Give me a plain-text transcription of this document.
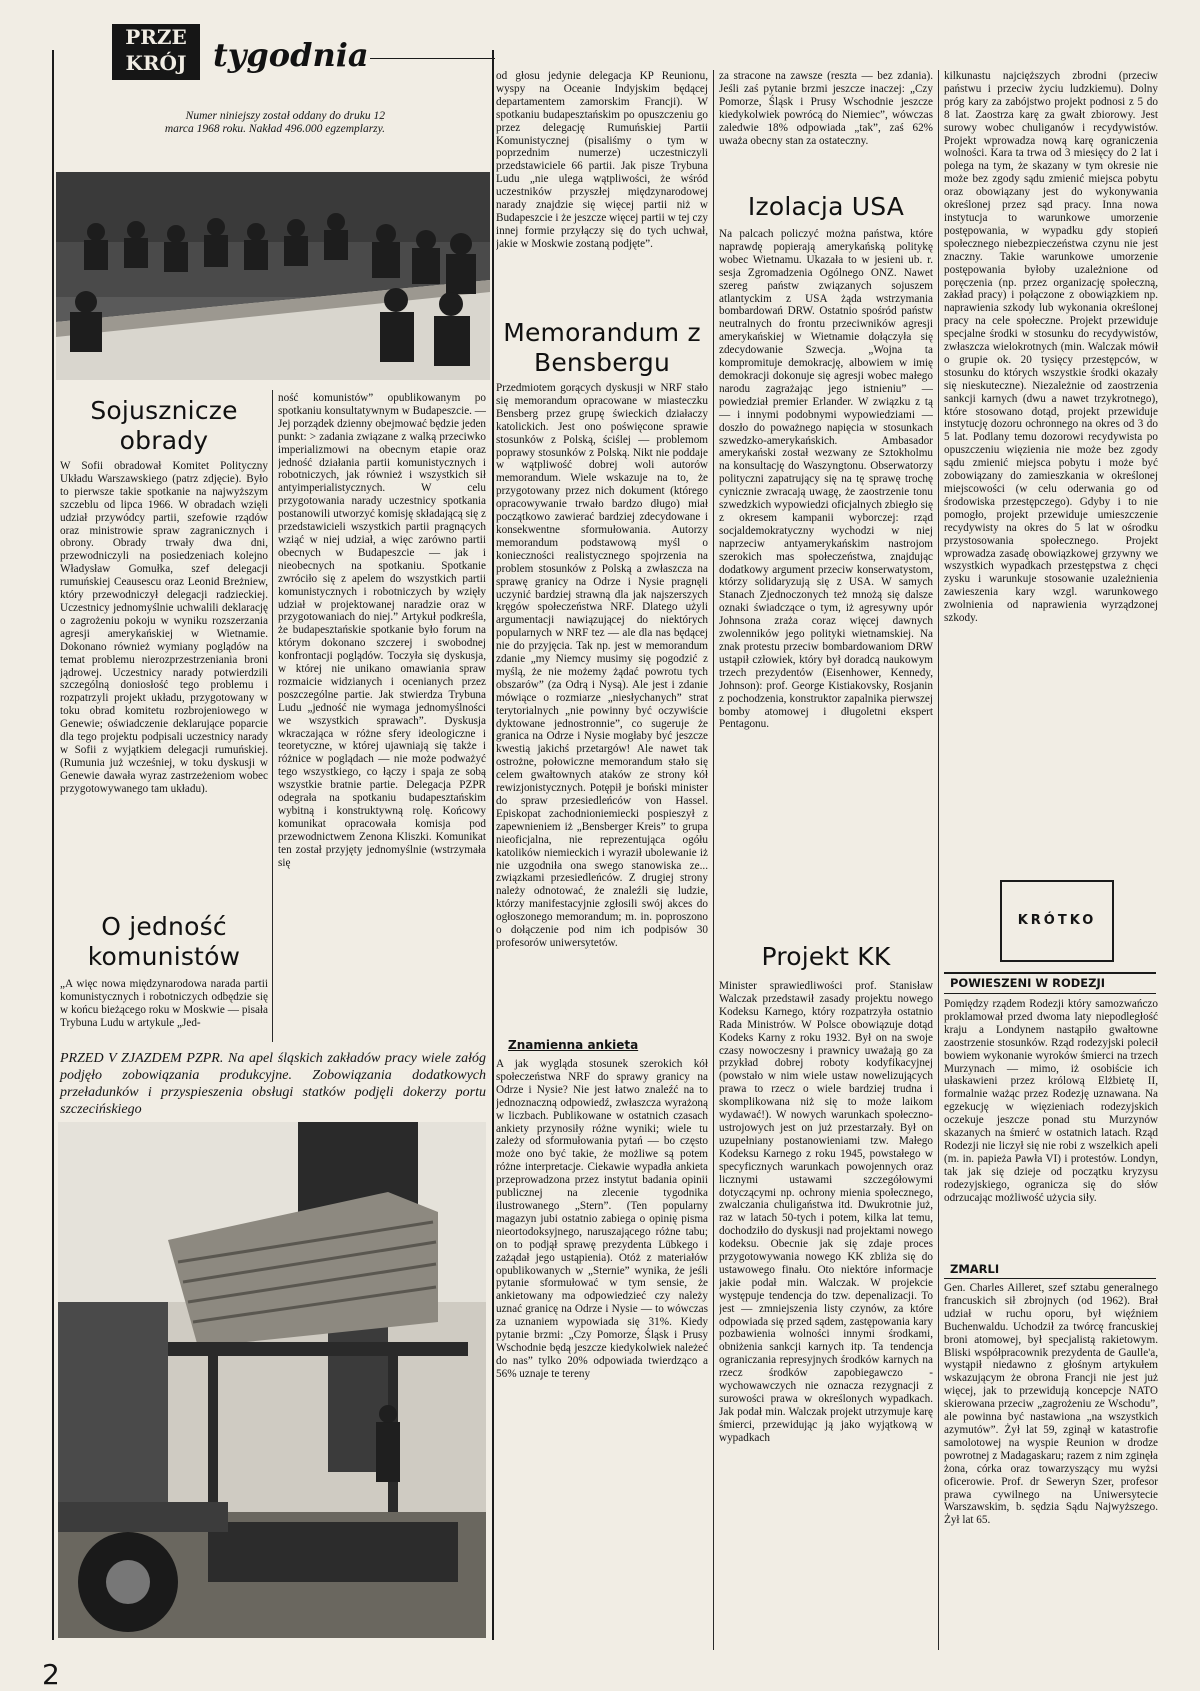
PRZE
KRÓJ tygodnia
Numer niniejszy został oddany do druku 12 marca 1968 roku. Nakład 496.000 egzemplarzy.
Sojusznicze obrady
W Sofii obradował Komitet Polityczny Układu Warszawskiego (patrz zdjęcie). Było to pierwsze takie spotkanie na najwyższym szczeblu od lipca 1966. W obradach wzięli udział przywódcy partii, szefowie rządów oraz ministrowie spraw zagranicznych i obrony. Obrady trwały dwa dni, przewodniczyli na posiedzeniach kolejno Władysław Gomułka, szef delegacji rumuńskiej Ceausescu oraz Leonid Breżniew, który przewodniczył delegacji radzieckiej. Uczestnicy jednomyślnie uchwalili deklarację o zagrożeniu pokoju w wyniku rozszerzania agresji amerykańskiej w Wietnamie. Dokonano również wymiany poglądów na temat problemu nierozprzestrzeniania broni jądrowej. Uczestnicy narady potwierdzili szczególną doniosłość tego problemu i rozpatrzyli projekt układu, przygotowany w toku obrad komitetu rozbrojeniowego w Genewie; oświadczenie deklarujące poparcie dla tego projektu podpisali uczestnicy narady w Sofii z wyjątkiem delegacji rumuńskiej. (Rumunia już wcześniej, w toku dyskusji w Genewie dawała wyraz zastrzeżeniom wobec przygotowywanego tam układu).
O jedność komunistów
„A więc nowa międzynarodowa narada partii komunistycznych i robotniczych odbędzie się w końcu bieżącego roku w Moskwie — pisała Trybuna Ludu w artykule „Jed-
ność komunistów” opublikowanym po spotkaniu konsultatywnym w Budapeszcie. — Jej porządek dzienny obejmować będzie jeden punkt: > zadania związane z walką przeciwko imperializmowi na obecnym etapie oraz jedność działania partii komunistycznych i robotniczych, jak również i wszystkich sił antyimperialistycznych. W celu przygotowania narady uczestnicy spotkania postanowili utworzyć komisję składającą się z przedstawicieli wszystkich partii pragnących wziąć w niej udział, a więc zarówno partii obecnych w Budapeszcie — jak i nieobecnych na spotkaniu. Spotkanie zwróciło się z apelem do wszystkich partii komunistycznych i robotniczych by wzięły udział w projektowanej naradzie oraz w przygotowaniach do niej.” Artykuł podkreśla, że budapesztańskie spotkanie było forum na którym dokonano szczerej i swobodnej konfrontacji poglądów. Toczyła się dyskusja, w której nie unikano omawiania spraw rozmaicie widzianych i ocenianych przez poszczególne partie. Jak stwierdza Trybuna Ludu „jedność nie wymaga jednomyślności we wszystkich sprawach”. Dyskusja wkraczająca w różne sfery ideologiczne i teoretyczne, w której ujawniają się także i różnice w poglądach — nie może podważyć tego wszystkiego, co łączy i spaja ze sobą wszystkie bratnie partie. Delegacja PZPR odegrała na spotkaniu budapesztańskim wybitną i konstruktywną rolę. Końcowy komunikat opracowała komisja pod przewodnictwem Zenona Kliszki. Komunikat ten został przyjęty jednomyślnie (wstrzymała się
PRZED V ZJAZDEM PZPR. Na apel śląskich zakładów pracy wiele załóg podjęło zobowiązania produkcyjne. Zobowiązania dodatkowych przeładunków i przyspieszenia obsługi statków podjęli dokerzy portu szczecińskiego
od głosu jedynie delegacja KP Reunionu, wyspy na Oceanie Indyjskim będącej departamentem zamorskim Francji). W spotkaniu budapesztańskim po opuszczeniu go przez delegację Rumuńskiej Partii Komunistycznej (pisaliśmy o tym w poprzednim numerze) uczestniczyli przedstawiciele 66 partii. Jak pisze Trybuna Ludu „nie ulega wątpliwości, że wśród uczestników przyszłej międzynarodowej narady znajdzie się więcej partii niż w Budapeszcie i że jeszcze więcej partii w tej czy innej formie przyłączy się do tych uchwał, jakie w Moskwie zostaną podjęte”.
Memorandum z Bensbergu
Przedmiotem gorących dyskusji w NRF stało się memorandum opracowane w miasteczku Bensberg przez grupę świeckich działaczy katolickich. Jest ono poświęcone sprawie stosunków z Polską, ściślej — problemom poprawy stosunków z Polską. Nikt nie poddaje w wątpliwość dobrej woli autorów memorandum. Wiele wskazuje na to, że przygotowany przez nich dokument (którego opracowywanie trwało bardzo długo) miał początkowo zawierać bardziej zdecydowane i konsekwentne sformułowania. Autorzy memorandum podstawową myśl o konieczności realistycznego spojrzenia na problem stosunków z Polską a zwłaszcza na sprawę granicy na Odrze i Nysie pragnęli uczynić bardziej strawną dla jak najszerszych kręgów społeczeństwa NRF. Dlatego użyli argumentacji nawiązującej do niektórych popularnych w NRF tez — ale dla nas będącej nie do przyjęcia. Tak np. jest w memorandum zdanie „my Niemcy musimy się pogodzić z myślą, że nie możemy żądać powrotu tych obszarów” (za Odrą i Nysą). Ale jest i zdanie mówiące o rozmiarze „niesłychanych” strat terytorialnych „nie powinny być oczywiście dyktowane jednostronnie”, co sugeruje że granica na Odrze i Nysie mogłaby być jeszcze kwestią jakichś przetargów! Ale nawet tak ostrożne, połowiczne memorandum stało się celem gwałtownych ataków ze strony kół rewizjonistycznych. Potępił je boński minister do spraw przesiedleńców von Hassel. Episkopat zachodnioniemiecki pospieszył z zapewnieniem iż „Bensberger Kreis” to grupa nieoficjalna, nie reprezentująca ogółu katolików niemieckich i wyraził ubolewanie iż nie uzgodniła ona swego stanowiska ze... związkami przesiedleńców. Z drugiej strony należy odnotować, że znaleźli się ludzie, którzy manifestacyjnie zgłosili swój akces do ogłoszonego memorandum; m. in. poproszono o dołączenie pod nim ich podpisów 30 profesorów uniwersytetów.
Znamienna ankieta
A jak wygląda stosunek szerokich kół społeczeństwa NRF do sprawy granicy na Odrze i Nysie? Nie jest łatwo znaleźć na to jednoznaczną odpowiedź, zwłaszcza wyrażoną w liczbach. Publikowane w ostatnich czasach ankiety przynosiły różne wyniki; wiele tu zależy od sformułowania pytań — bo często może ono być takie, że możliwe są potem różne interpretacje. Ciekawie wypadła ankieta przeprowadzona przez instytut badania opinii publicznej na zlecenie tygodnika ilustrowanego „Stern”. (Ten popularny magazyn jubi ostatnio zabiega o opinię pisma nieortodoksyjnego, naruszającego różne tabu; on to podjął sprawę prezydenta Lübkego i zażądał jego ustąpienia). Otóż z materiałów opublikowanych w „Sternie” wynika, że jeśli pytanie sformułować w tym sensie, że ankietowany ma odpowiedzieć czy należy uznać granicę na Odrze i Nysie — to wówczas za uznaniem wypowiada się 31%. Kiedy pytanie brzmi: „Czy Pomorze, Śląsk i Prusy Wschodnie będą jeszcze kiedykolwiek należeć do nas” tylko 20% odpowiada twierdząco a 56% uznaje te tereny
za stracone na zawsze (reszta — bez zdania). Jeśli zaś pytanie brzmi jeszcze inaczej: „Czy Pomorze, Śląsk i Prusy Wschodnie jeszcze kiedykolwiek powrócą do Niemiec”, wówczas zaledwie 18% odpowiada „tak”, zaś 62% uważa obecny stan za ostateczny.
Izolacja USA
Na palcach policzyć można państwa, które naprawdę popierają amerykańską politykę wobec Wietnamu. Ukazała to w jesieni ub. r. sesja Zgromadzenia Ogólnego ONZ. Nawet szereg państw związanych sojuszem atlantyckim z USA żąda wstrzymania bombardowań DRW. Ostatnio spośród państw neutralnych do frontu przeciwników agresji amerykańskiej w Wietnamie dołączyła się zdecydowanie Szwecja. „Wojna ta kompromituje demokrację, albowiem w imię demokracji dokonuje się agresji wobec małego narodu zagrażając jego istnieniu” — powiedział premier Erlander. W związku z tą — i innymi podobnymi wypowiedziami — doszło do poważnego napięcia w stosunkach szwedzko-amerykańskich. Ambasador amerykański został wezwany ze Sztokholmu na konsultację do Waszyngtonu. Obserwatorzy polityczni zapatrujący się na tę sprawę trochę cynicznie zwracają uwagę, że zaostrzenie tonu szwedzkich wypowiedzi oficjalnych zbiegło się z okresem kampanii wyborczej: rząd socjaldemokratyczny wychodzi w niej naprzeciw antyamerykańskim nastrojom szerokich mas społeczeństwa, znajdując dodatkowy argument przeciw konserwatystom, którzy solidaryzują się z USA. W samych Stanach Zjednoczonych też mnożą się dalsze oznaki świadczące o tym, iż agresywny upór Johnsona zraża coraz więcej dawnych zwolenników jego polityki wietnamskiej. Na znak protestu przeciw bombardowaniom DRW ustąpił człowiek, który był doradcą naukowym trzech prezydentów (Eisenhower, Kennedy, Johnson): prof. George Kistiakovsky, Rosjanin z pochodzenia, konstruktor zapalnika pierwszej bomby atomowej i długoletni ekspert Pentagonu.
Projekt KK
Minister sprawiedliwości prof. Stanisław Walczak przedstawił zasady projektu nowego Kodeksu Karnego, który rozpatrzyła ostatnio Rada Ministrów. W Polsce obowiązuje dotąd Kodeks Karny z roku 1932. Był on na swoje czasy nowoczesny i prawnicy uważają go za przykład dobrej roboty kodyfikacyjnej (powstało w nim wiele ustaw nowelizujących prawa to rzecz o wiele bardziej trudna i skomplikowana niż się to może laikom wydawać!). W nowych warunkach społeczno-ustrojowych jest on już przestarzały. Był on uzupełniany postanowieniami tzw. Małego Kodeksu Karnego z roku 1945, powstałego w specyficznych warunkach powojennych oraz licznymi ustawami szczegółowymi dotyczącymi np. ochrony mienia społecznego, zwalczania chuligaństwa itd. Dwukrotnie już, raz w latach 50-tych i potem, kilka lat temu, dochodziło do dyskusji nad projektami nowego kodeksu. Obecnie jak się zdaje proces przygotowywania nowego KK zbliża się do ustawowego finału. Oto niektóre informacje jakie podał min. Walczak. W projekcie występuje tendencja do tzw. depenalizacji. To jest — zmniejszenia listy czynów, za które odpowiada się przed sądem, zastępowania kary pozbawienia wolności innymi środkami, obniżenia sankcji karnych itp. Ta tendencja ograniczania represyjnych środków karnych na rzecz środków zapobiegawczo - wychowawczych nie oznacza rezygnacji z surowości prawa w określonych wypadkach. Jak podał min. Walczak projekt utrzymuje karę śmierci, przewidując ją jako wyjątkową w wypadkach
kilkunastu najcięższych zbrodni (przeciw państwu i przeciw życiu ludzkiemu). Dolny próg kary za zabójstwo projekt podnosi z 5 do 8 lat. Zaostrza karę za gwałt zbiorowy. Jest surowy wobec chuliganów i recydywistów. Projekt wprowadza nową karę ograniczenia wolności. Kara ta trwa od 3 miesięcy do 2 lat i polega na tym, że skazany w tym okresie nie może bez zgody sądu zmienić miejsca pobytu oraz obowiązany jest do wykonywania określonej przez sąd pracy. Inna nowa instytucja to warunkowe umorzenie postępowania, w wypadku gdy stopień społecznego niebezpieczeństwa czynu nie jest znaczny. Takie warunkowe umorzenie postępowania byłoby uzależnione od poręczenia (np. przez organizację społeczną, zakład pracy) i połączone z obowiązkiem np. naprawienia szkody lub wykonania określonej pracy na cele społeczne. Projekt przewiduje specjalne środki w stosunku do recydywistów, zwłaszcza wielokrotnych (min. Walczak mówił o grupie ok. 20 tysięcy przestępców, w stosunku do których wszystkie środki okazały się nieskuteczne). Niezależnie od zaostrzenia sankcji karnych (dwu a nawet trzykrotnego), które stosowano dotąd, projekt przewiduje instytucję dozoru ochronnego na okres od 3 do 5 lat. Podlany temu dozorowi recydywista po opuszczeniu więzienia nie może bez zgody sądu zmienić miejsca pobytu i może być zobowiązany do zamieszkania w określonej miejscowości (w celu oderwania go od środowiska przestępczego). Gdyby i to nie pomogło, projekt przewiduje umieszczenie recydywisty na okres do 5 lat w ośrodku przystosowania społecznego. Projekt wprowadza zasadę obowiązkowej grzywny we wszystkich wypadkach przestępstwa z chęci zysku i warunkuje stosowanie uzależnienia zawieszenia kary wzgl. warunkowego zwolnienia od naprawienia wyrządzonej szkody.
KRÓTKO
POWIESZENI W RODEZJI
Pomiędzy rządem Rodezji który samozwańczo proklamował przed dwoma laty niepodległość kraju a Londynem nastąpiło gwałtowne zaostrzenie stosunków. Rząd rodezyjski polecił bowiem wykonanie wyroków śmierci na trzech Murzynach — mimo, iż osobiście ich ułaskawieni przez królową Elżbietę II, formalnie ważąc przez Rodezję uznawana. Na egzekucję w więzieniach rodezyjskich oczekuje jeszcze ponad stu Murzynów skazanych na śmierć w ostatnich latach. Rząd Rodezji nie liczył się nie robi z wszelkich apeli (m. in. papieża Pawła VI) i protestów. Londyn, tak jak się dzieje od początku kryzysu rodezyjskiego, ogranicza się do słów odrzucając możliwość użycia siły.
ZMARLI
Gen. Charles Ailleret, szef sztabu generalnego francuskich sił zbrojnych (od 1962). Brał udział w ruchu oporu, był więźniem Buchenwaldu. Uchodził za twórcę francuskiej broni atomowej, był specjalistą rakietowym. Bliski współpracownik prezydenta de Gaulle'a, wystąpił niedawno z głośnym artykułem wskazującym że obrona Francji nie jest już więcej, jak to przewidują koncepcje NATO skierowana przeciw „zagrożeniu ze Wschodu”, ale powinna być nastawiona „na wszystkich azymutów”. Żył lat 59, zginął w katastrofie samolotowej na wyspie Reunion w drodze powrotnej z Madagaskaru; razem z nim zginęła żona, córka oraz towarzyszący mu wyżsi oficerowie. Prof. dr Seweryn Szer, profesor prawa cywilnego na Uniwersytecie Warszawskim, b. sędzia Sądu Najwyższego. Żył lat 65.
2
